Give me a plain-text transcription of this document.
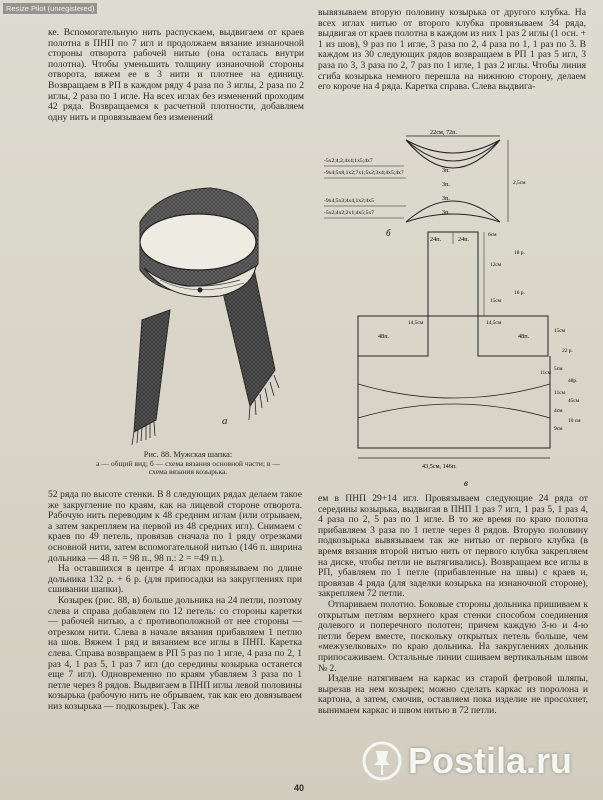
Resize Pilot (unregistered)

ке. Вспомогательную нить распускаем, выдвигаем от краев полотна в ПНП по 7 игл и продолжаем вязание изнаночной стороны отворота рабочей нитью (она осталась внутри полотна). Чтобы уменьшить толщину изнаночной стороны отворота, вяжем ее в 3 нити и плотнее на единицу. Возвращаем в РП в каждом ряду 4 раза по 3 иглы, 2 раза по 2 иглы, 2 раза по 1 игле. На всех иглах без изменений проходим 42 ряда. Возвращаемся к расчетной плотности, добавляем одну нить и провязываем без изменений

вывязываем вторую половину козырька от другого клубка. На всех иглах нитью от второго клубка провязываем 34 ряда, выдвигая от краев полотна в каждом из них 1 раз 2 иглы (1 осн. + 1 из шов), 9 раз по 1 игле, 3 раза по 2, 4 раза по 1, 1 раз по 3. В каждом из 30 следующих рядов возвращаем в РП 1 раз 5 игл, 3 раза по 3, 3 раза по 2, 7 раз по 1 игле, 1 раз 2 иглы. Чтобы линия сгиба козырька немного перешла на нижнюю сторону, делаем его короче на 4 ряда. Каретка справа. Слева выдвига-

а
Рис. 88. Мужская шапка:
а — общий вид; б — схема вязания основной части; в — схема вязания козырька.
22см, 72п.
-5x2;4;2,4x4;1x5;4x7
-9x4;5x8,1x2;7x1;5x2;3x4;4x5;4x7
-9x4;5x3;4x4,1x2;4x5
-5x2;4x2;2x1;4x5;5x7
3п.
3п.
3п.
3п.
2,5см
б
24п.	24п.
6см
12см
15см
18 р.
16 р.
14,5см
48п.
14,5см
48п.
15см
22 р.
11см
5см
11см
4см
9см
48р.
45см
10 см
43,5см, 146п.
в

52 ряда по высоте стенки. В 8 следующих рядах делаем такое же закругление по краям, как на лицевой стороне отворота. Рабочую нить переводим к 48 средним иглам (или отрываем, а затем закрепляем на первой из 48 средних игл). Снимаем с краев по 49 петель, провязав сначала по 1 ряду отрезками основной нити, затем вспомогательной нитью (146 п. ширина дольника — 48 п. = 98 п., 98 п.: 2 = =49 п.).

На оставшихся в центре 4 иглах провязываем по длине дольника 132 р. + 6 р. (для припосадки на закруглениях при сшивании шапки).

Козырек (рис. 88, в) больше дольника на 24 петли, поэтому слева и справа добавляем по 12 петель: со стороны каретки — рабочей нитью, а с противоположной от нее стороны — отрезком нити. Слева в начале вязания прибавляем 1 петлю на шов. Вяжем 1 ряд и вязанием все иглы в ПНП. Каретка слева. Справа возвращаем в РП 5 раз по 1 игле, 4 раза по 2, 1 раз 4, 1 раз 5, 1 раз 7 игл (до середины козырька останется еще 7 игл). Одновременно по краям убавляем 3 раза по 1 петле через 8 рядов. Выдвигаем в ПНП иглы левой половины козырька (рабочую нить не обрываем, так как ею довязываем низ козырька — подкозырек). Так же

ем в ПНП 29+14 игл. Провязываем следующие 24 ряда от середины козырька, выдвигая в ПНП 1 раз 7 игл, 1 раз 5, 1 раз 4, 4 раза по 2, 5 раз по 1 игле. В то же время по краю полотна прибавляем 3 раза по 1 петле через 8 рядов. Вторую половину подкозырька вывязываем так же нитью от первого клубка (в время вязания второй нитью нить от первого клубка закрепляем на диске, чтобы петли не вытягивались). Возвращаем все иглы в РП, убавляем по 1 петле (прибавленные на швы) с краев и, провязав 4 ряда (для заделки козырька на изнаночной стороне), закрепляем 72 петли.

Отпариваем полотно. Боковые стороны дольника пришиваем к открытым петлям верхнего края стенки способом соединения долевого и поперечного полотен; причем каждую 3-ю и 4-ю петли берем вместе, поскольку открытых петель больше, чем «межузелковых» по краю дольника. На закруглениях дольник припосаживаем. Остальные линии сшиваем вертикальным швом № 2.

Изделие натягиваем на каркас из старой фетровой шляпы, вырезав на нем козырек; можно сделать каркас из поролона и картона, а затем, смочив, оставляем пока изделие не просохнет, вынимаем каркас и швом нитью в 72 петли.

40
Postila.ru
